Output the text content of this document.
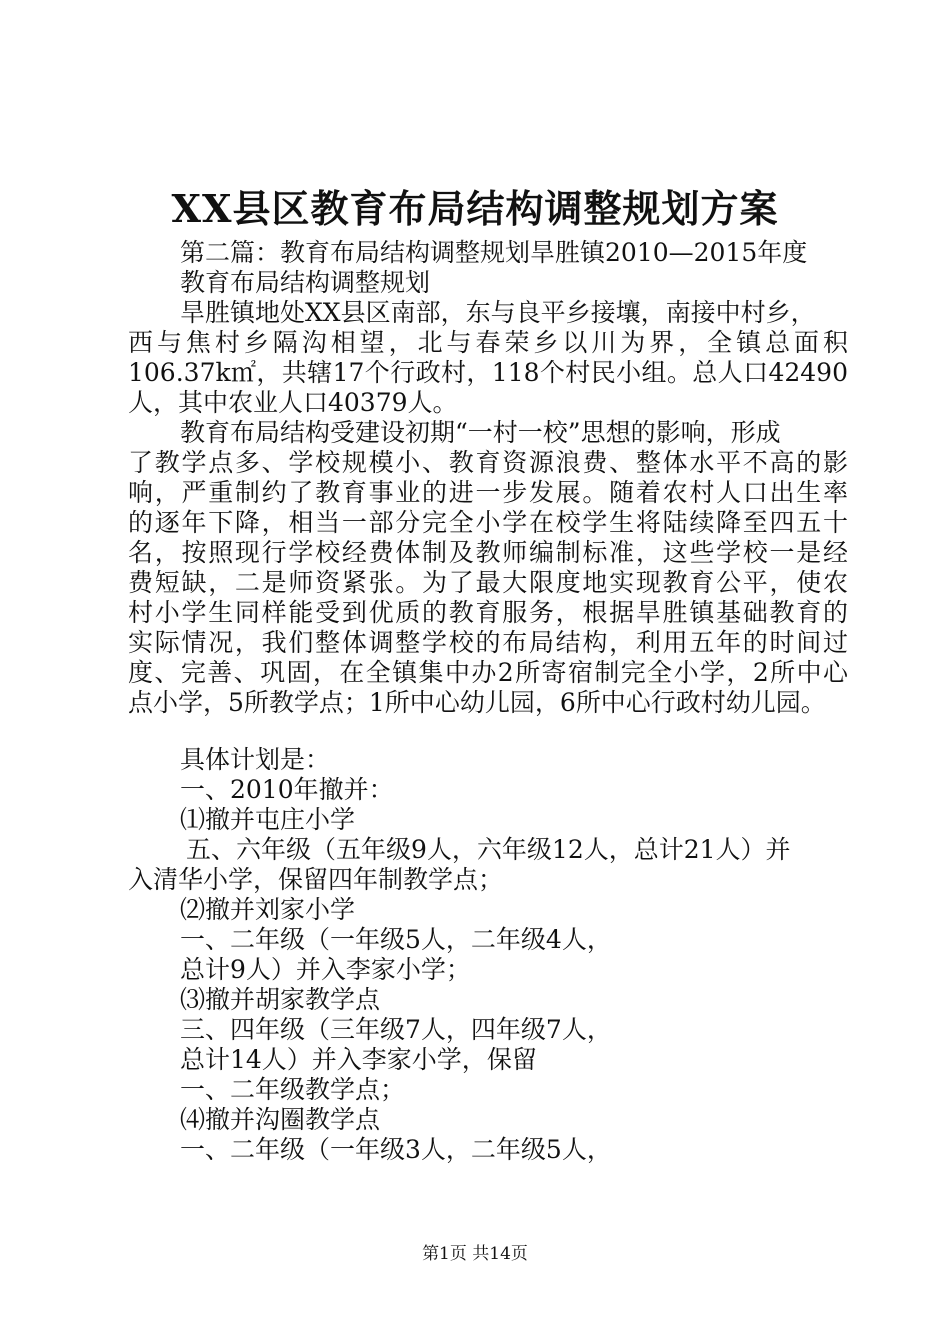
XX县区教育布局结构调整规划方案
第二篇：教育布局结构调整规划旱胜镇2010—2015年度
教育布局结构调整规划
旱胜镇地处XX县区南部，东与良平乡接壤，南接中村乡，
西与焦村乡隔沟相望，北与春荣乡以川为界，全镇总面积
106.37k㎡，共辖17个行政村，118个村民小组。总人口42490
人，其中农业人口40379人。
教育布局结构受建设初期“一村一校”思想的影响，形成
了教学点多、学校规模小、教育资源浪费、整体水平不高的影
响，严重制约了教育事业的进一步发展。随着农村人口出生率
的逐年下降，相当一部分完全小学在校学生将陆续降至四五十
名，按照现行学校经费体制及教师编制标准，这些学校一是经
费短缺，二是师资紧张。为了最大限度地实现教育公平，使农
村小学生同样能受到优质的教育服务，根据旱胜镇基础教育的
实际情况，我们整体调整学校的布局结构，利用五年的时间过
度、完善、巩固，在全镇集中办2所寄宿制完全小学，2所中心
点小学，5所教学点；1所中心幼儿园，6所中心行政村幼儿园。
具体计划是：
一、2010年撤并：
⑴撤并屯庄小学
五、六年级（五年级9人，六年级12人，总计21人）并
入清华小学，保留四年制教学点；
⑵撤并刘家小学
一、二年级（一年级5人，二年级4人，
总计9人）并入李家小学；
⑶撤并胡家教学点
三、四年级（三年级7人，四年级7人，
总计14人）并入李家小学，保留
一、二年级教学点；
⑷撤并沟圈教学点
一、二年级（一年级3人，二年级5人，
第1页 共14页
